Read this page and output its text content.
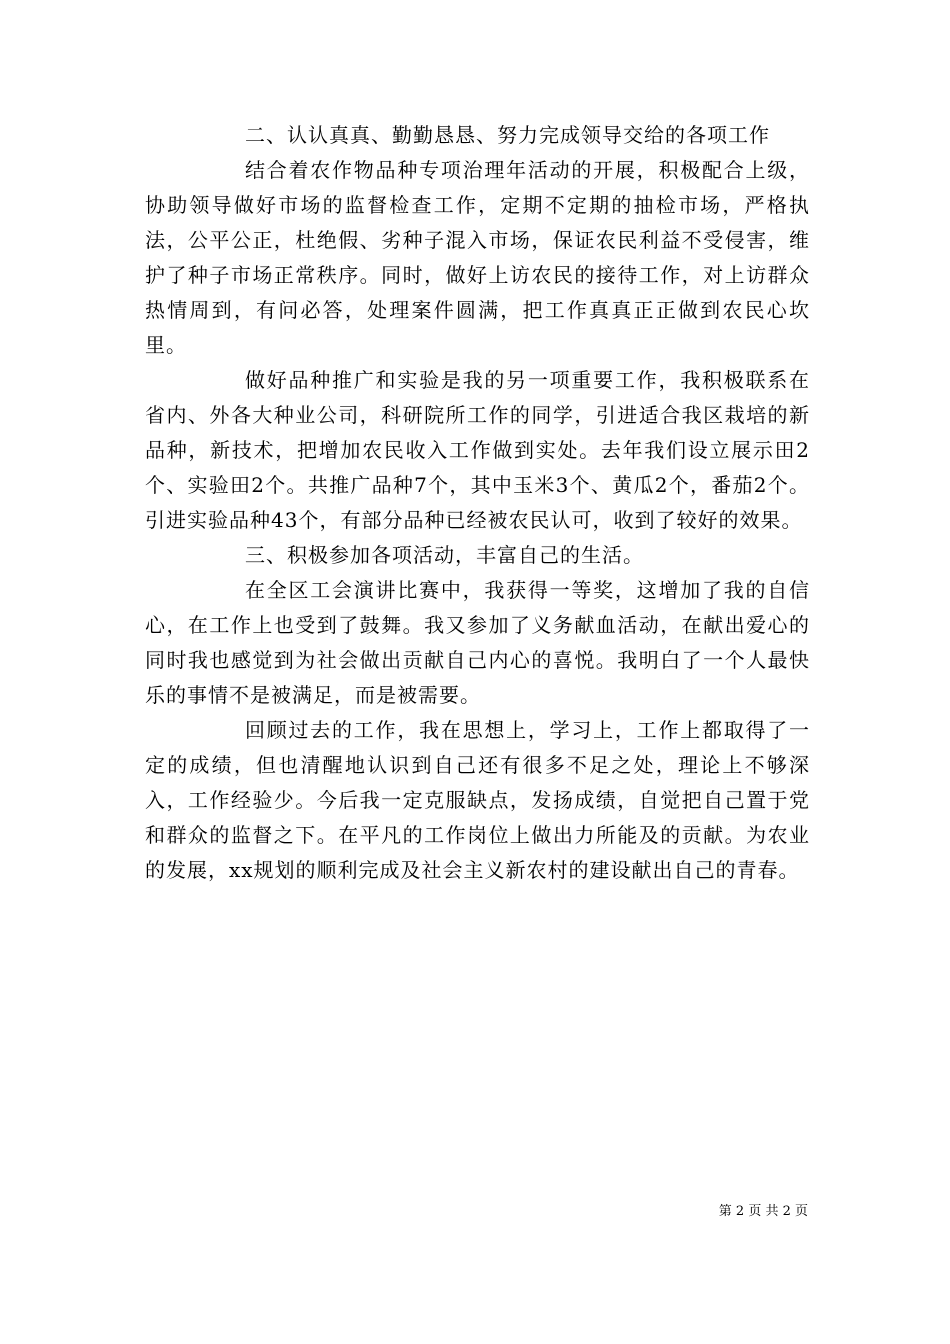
二、认认真真、勤勤恳恳、努力完成领导交给的各项工作

结合着农作物品种专项治理年活动的开展，积极配合上级，协助领导做好市场的监督检查工作，定期不定期的抽检市场，严格执法，公平公正，杜绝假、劣种子混入市场，保证农民利益不受侵害，维护了种子市场正常秩序。同时，做好上访农民的接待工作，对上访群众热情周到，有问必答，处理案件圆满，把工作真真正正做到农民心坎里。

做好品种推广和实验是我的另一项重要工作，我积极联系在省内、外各大种业公司，科研院所工作的同学，引进适合我区栽培的新品种，新技术，把增加农民收入工作做到实处。去年我们设立展示田2个、实验田2个。共推广品种7个，其中玉米3个、黄瓜2个，番茄2个。引进实验品种43个，有部分品种已经被农民认可，收到了较好的效果。

三、积极参加各项活动，丰富自己的生活。

在全区工会演讲比赛中，我获得一等奖，这增加了我的自信心，在工作上也受到了鼓舞。我又参加了义务献血活动，在献出爱心的同时我也感觉到为社会做出贡献自己内心的喜悦。我明白了一个人最快乐的事情不是被满足，而是被需要。

回顾过去的工作，我在思想上，学习上，工作上都取得了一定的成绩，但也清醒地认识到自己还有很多不足之处，理论上不够深入，工作经验少。今后我一定克服缺点，发扬成绩，自觉把自己置于党和群众的监督之下。在平凡的工作岗位上做出力所能及的贡献。为农业的发展，xx规划的顺利完成及社会主义新农村的建设献出自己的青春。

第 2 页 共 2 页
